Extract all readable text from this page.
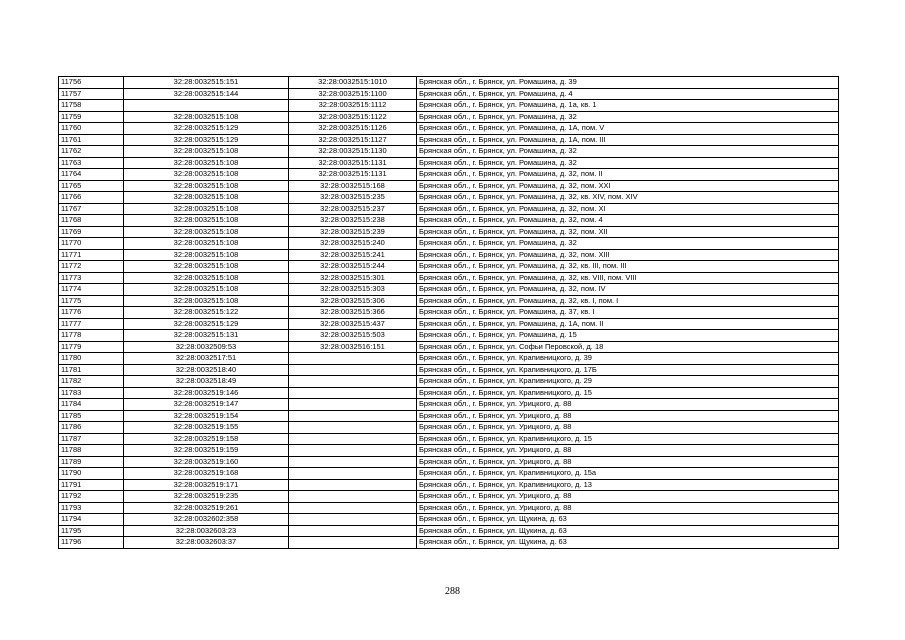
11756	32:28:0032515:151	32:28:0032515:1010	Брянская обл., г. Брянск, ул. Ромашина, д. 39
11757	32:28:0032515:144	32:28:0032515:1100	Брянская обл., г. Брянск, ул. Ромашина, д. 4
11758		32:28:0032515:1112	Брянская обл., г. Брянск, ул. Ромашина, д. 1а, кв. 1
11759	32:28:0032515:108	32:28:0032515:1122	Брянская обл., г. Брянск, ул. Ромашина, д. 32
11760	32:28:0032515:129	32:28:0032515:1126	Брянская обл., г. Брянск, ул. Ромашина, д. 1А, пом. V
11761	32:28:0032515:129	32:28:0032515:1127	Брянская обл., г. Брянск, ул. Ромашина, д. 1А, пом. III
11762	32:28:0032515:108	32:28:0032515:1130	Брянская обл., г. Брянск, ул. Ромашина, д. 32
11763	32:28:0032515:108	32:28:0032515:1131	Брянская обл., г. Брянск, ул. Ромашина, д. 32
11764	32:28:0032515:108	32:28:0032515:1131	Брянская обл., г. Брянск, ул. Ромашина, д. 32, пом. II
11765	32:28:0032515:108	32:28:0032515:168	Брянская обл., г. Брянск, ул. Ромашина, д. 32, пом. XXI
11766	32:28:0032515:108	32:28:0032515:235	Брянская обл., г. Брянск, ул. Ромашина, д. 32, кв. XIV, пом. XIV
11767	32:28:0032515:108	32:28:0032515:237	Брянская обл., г. Брянск, ул. Ромашина, д. 32, пом. XI
11768	32:28:0032515:108	32:28:0032515:238	Брянская обл., г. Брянск, ул. Ромашина, д. 32, пом. 4
11769	32:28:0032515:108	32:28:0032515:239	Брянская обл., г. Брянск, ул. Ромашина, д. 32, пом. XII
11770	32:28:0032515:108	32:28:0032515:240	Брянская обл., г. Брянск, ул. Ромашина, д. 32
11771	32:28:0032515:108	32:28:0032515:241	Брянская обл., г. Брянск, ул. Ромашина, д. 32, пом. XIII
11772	32:28:0032515:108	32:28:0032515:244	Брянская обл., г. Брянск, ул. Ромашина, д. 32, кв. III, пом. III
11773	32:28:0032515:108	32:28:0032515:301	Брянская обл., г. Брянск, ул. Ромашина, д. 32, кв. VIII, пом. VIII
11774	32:28:0032515:108	32:28:0032515:303	Брянская обл., г. Брянск, ул. Ромашина, д. 32, пом. IV
11775	32:28:0032515:108	32:28:0032515:306	Брянская обл., г. Брянск, ул. Ромашина, д. 32, кв. I, пом. I
11776	32:28:0032515:122	32:28:0032515:366	Брянская обл., г. Брянск, ул. Ромашина, д. 37, кв. I
11777	32:28:0032515:129	32:28:0032515:437	Брянская обл., г. Брянск, ул. Ромашина, д. 1А, пом. II
11778	32:28:0032515:131	32:28:0032515:503	Брянская обл., г. Брянск, ул. Ромашина, д. 15
11779	32:28:0032509:53	32:28:0032516:151	Брянская обл., г. Брянск, ул. Софьи Перовской, д. 18
11780	32:28:0032517:51		Брянская обл., г. Брянск, ул. Крапивницкого, д. 39
11781	32:28:0032518:40		Брянская обл., г. Брянск, ул. Крапивницкого, д. 17Б
11782	32:28:0032518:49		Брянская обл., г. Брянск, ул. Крапивницкого, д. 29
11783	32:28:0032519:146		Брянская обл., г. Брянск, ул. Крапивницкого, д. 15
11784	32:28:0032519:147		Брянская обл., г. Брянск, ул. Урицкого, д. 88
11785	32:28:0032519:154		Брянская обл., г. Брянск, ул. Урицкого, д. 88
11786	32:28:0032519:155		Брянская обл., г. Брянск, ул. Урицкого, д. 88
11787	32:28:0032519:158		Брянская обл., г. Брянск, ул. Крапивницкого, д. 15
11788	32:28:0032519:159		Брянская обл., г. Брянск, ул. Урицкого, д. 88
11789	32:28:0032519:160		Брянская обл., г. Брянск, ул. Урицкого, д. 88
11790	32:28:0032519:168		Брянская обл., г. Брянск, ул. Крапивницкого, д. 15а
11791	32:28:0032519:171		Брянская обл., г. Брянск, ул. Крапивницкого, д. 13
11792	32:28:0032519:235		Брянская обл., г. Брянск, ул. Урицкого, д. 88
11793	32:28:0032519:261		Брянская обл., г. Брянск, ул. Урицкого, д. 88
11794	32:28:0032602:358		Брянская обл., г. Брянск, ул. Щукина, д. 63
11795	32:28:0032603:23		Брянская обл., г. Брянск, ул. Щукина, д. 63
11796	32:28:0032603:37		Брянская обл., г. Брянск, ул. Щукина, д. 63
288
